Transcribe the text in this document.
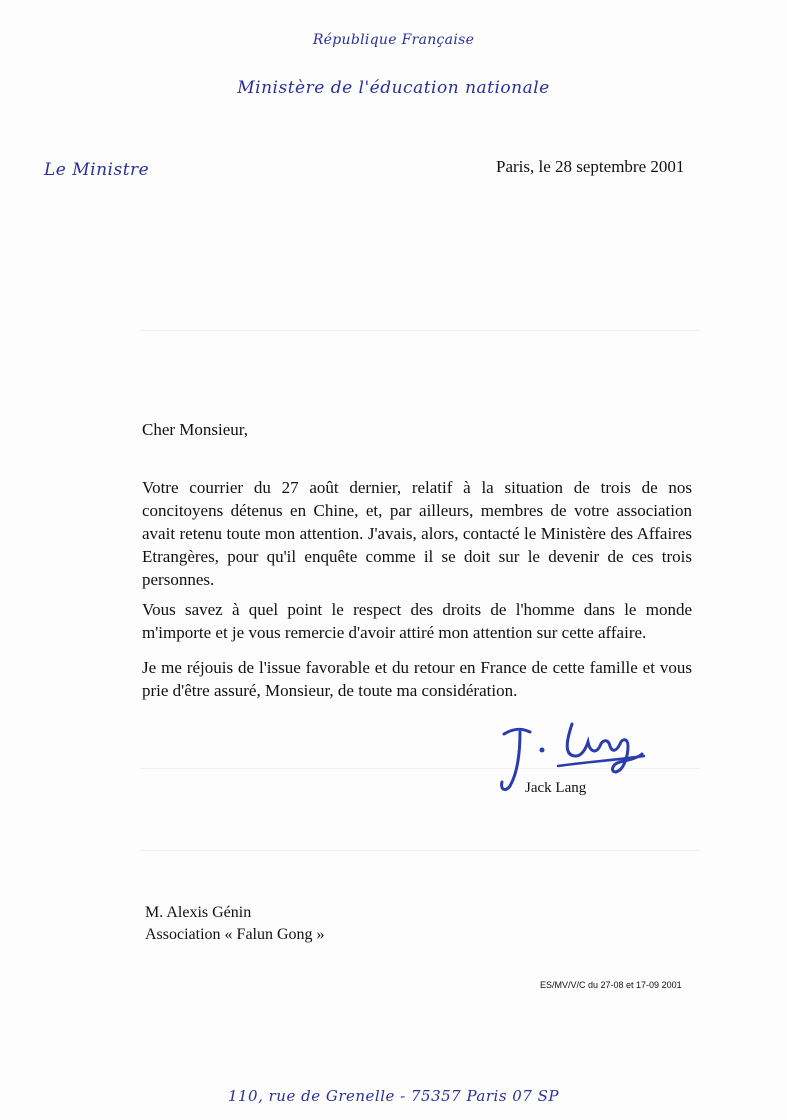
République Française
Ministère de l'éducation nationale
Le Ministre	Paris, le 28 septembre 2001
Cher Monsieur,
Votre courrier du 27 août dernier, relatif à la situation de trois de nos concitoyens détenus en Chine, et, par ailleurs, membres de votre association avait retenu toute mon attention. J'avais, alors, contacté le Ministère des Affaires Etrangères, pour qu'il enquête comme il se doit sur le devenir de ces trois personnes.
Vous savez à quel point le respect des droits de l'homme dans le monde m'importe et je vous remercie d'avoir attiré mon attention sur cette affaire.
Je me réjouis de l'issue favorable et du retour en France de cette famille et vous prie d'être assuré, Monsieur, de toute ma considération.
Jack Lang
M. Alexis Génin
Association « Falun Gong »
ES/MV/V/C du 27-08 et 17-09 2001
110, rue de Grenelle - 75357 Paris 07 SP
